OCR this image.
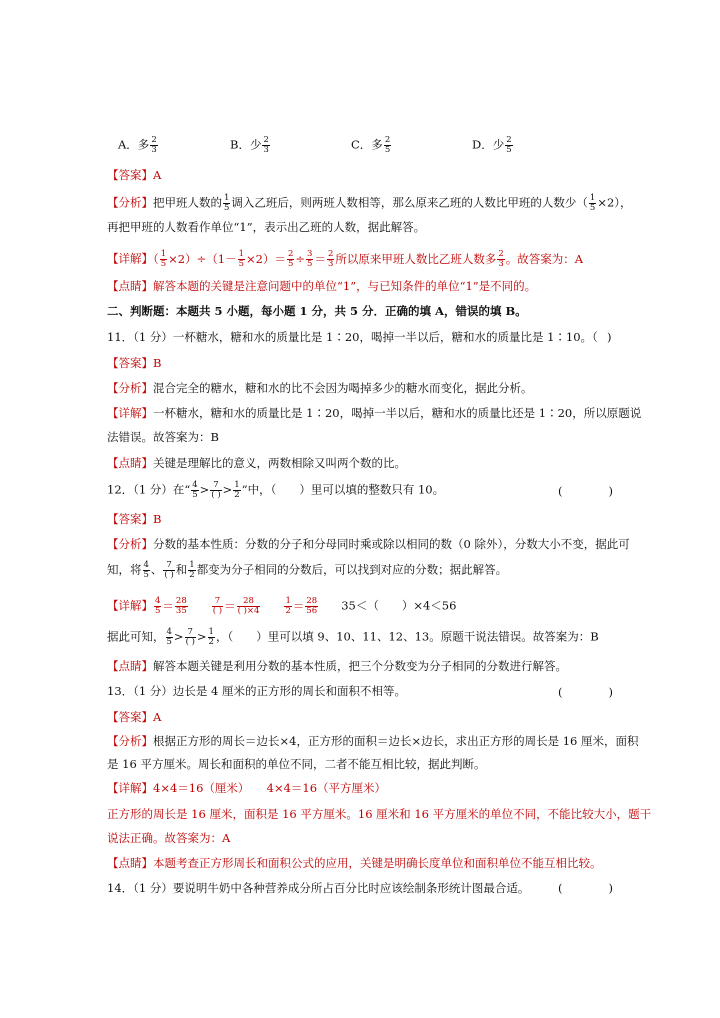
A．多 $\frac{2}{3}$	B．少 $\frac{2}{3}$	C．多 $\frac{2}{5}$	D．少 $\frac{2}{5}$
【答案】A
【分析】把甲班人数的 $\frac{1}{5}$ 调入乙班后，则两班人数相等，那么原来乙班的人数比甲班的人数少（ $\frac{1}{5} \times 2$），
再把甲班的人数看作单位“1”，表示出乙班的人数，据此解答。
【详解】（ $\frac{1}{5} \times 2)\div(1- \frac{1}{5} \times 2)= \frac{2}{5} \div \frac{3}{5} = \frac{2}{3}$ 所以原来甲班人数比乙班人数多 $\frac{2}{3}$ 。故答案为：A
【点睛】解答本题的关键是注意问题中的单位“1”，与已知条件的单位“1”是不同的。
二、判断题：本题共 5 小题，每小题 1 分，共 5 分．正确的填 A，错误的填 B。
11．（1 分）一杯糖水，糖和水的质量比是 1∶20，喝掉一半以后，糖和水的质量比是 1∶10。（ )
【答案】B
【分析】混合完全的糖水，糖和水的比不会因为喝掉多少的糖水而变化，据此分析。
【详解】一杯糖水，糖和水的质量比是 1∶20，喝掉一半以后，糖和水的质量比还是 1∶20，所以原题说
法错误。故答案为：B
【点睛】关键是理解比的意义，两数相除又叫两个数的比。
12．（1 分）在“ $\frac{4}{5} > \frac{7}{( )} > \frac{1}{2}$ ”中，（　　）里可以填的整数只有 10。	(　　　　)
【答案】B
【分析】分数的基本性质：分数的分子和分母同时乘或除以相同的数（0 除外），分数大小不变，据此可
知，将 $\frac{4}{5}$ 、 $\frac{7}{( )}$ 和 $\frac{1}{2}$ 都变为分子相同的分数后，可以找到对应的分数；据此解答。
【详解】 $\frac{4}{5} = \frac{28}{35}$	$\frac{7}{( )} = \frac{28}{( )\times 4}$	$\frac{1}{2} = \frac{28}{56} 35<$（　　）×4＜56
据此可知， $\frac{4}{5} > \frac{7}{( )} > \frac{1}{2}$ ，（　　）里可以填 9、10、11、12、13。原题干说法错误。故答案为：B
【点睛】解答本题关键是利用分数的基本性质，把三个分数变为分子相同的分数进行解答。
13．（1 分）边长是 4 厘米的正方形的周长和面积不相等。	(　　　　)
【答案】A
【分析】根据正方形的周长＝边长×4，正方形的面积＝边长×边长，求出正方形的周长是 16 厘米，面积
是 16 平方厘米。周长和面积的单位不同，二者不能互相比较，据此判断。
【详解】4×4＝16（厘米）　　4×4＝16（平方厘米）
正方形的周长是 16 厘米，面积是 16 平方厘米。16 厘米和 16 平方厘米的单位不同，不能比较大小，题干
说法正确。故答案为：A
【点睛】本题考查正方形周长和面积公式的应用，关键是明确长度单位和面积单位不能互相比较。
14．（1 分）要说明牛奶中各种营养成分所占百分比时应该绘制条形统计图最合适。 (　　　　)
